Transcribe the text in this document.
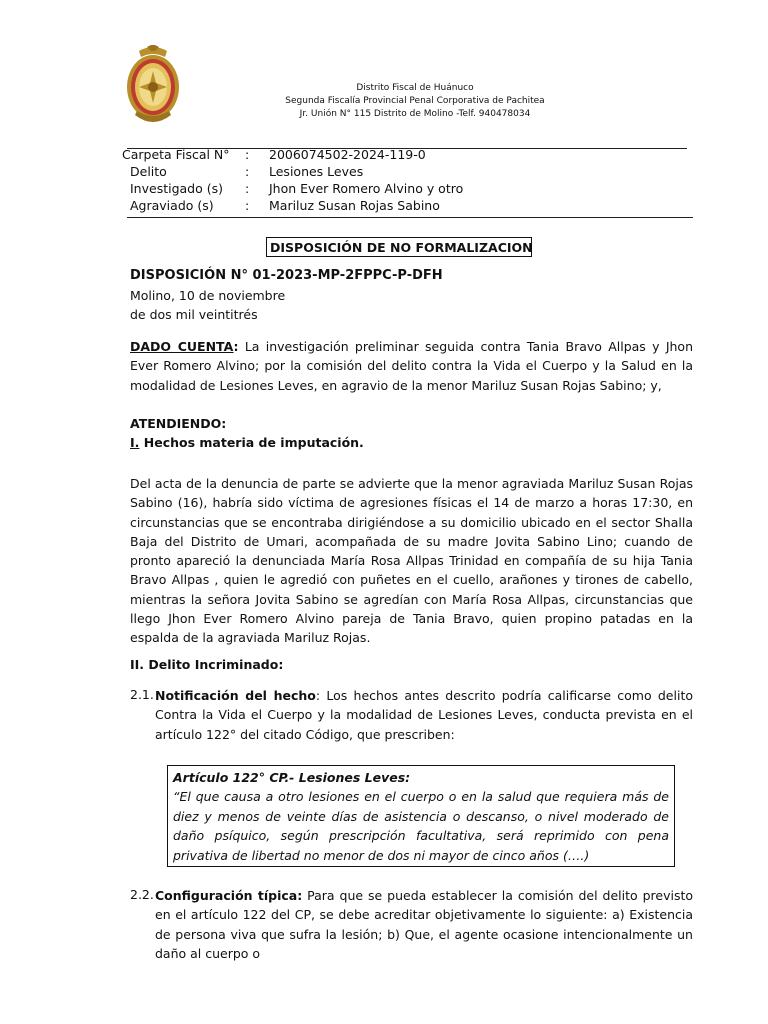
Distrito Fiscal de Huánuco
Segunda Fiscalía Provincial Penal Corporativa de Pachitea
Jr. Unión N° 115 Distrito de Molino -Telf. 940478034
Carpeta Fiscal N° : 2006074502-2024-119-0
Delito	: Lesiones Leves
Investigado (s) : Jhon Ever Romero Alvino y otro
Agraviado (s)	: Mariluz Susan Rojas Sabino
DISPOSICIÓN DE NO FORMALIZACION
DISPOSICIÓN N° 01-2023-MP-2FPPC-P-DFH
Molino, 10 de noviembre
de dos mil veintitrés
DADO CUENTA: La investigación preliminar seguida contra Tania Bravo Allpas y Jhon Ever Romero Alvino; por la comisión del delito contra la Vida el Cuerpo y la Salud en la modalidad de Lesiones Leves, en agravio de la menor Mariluz Susan Rojas Sabino; y,
ATENDIENDO:
I. Hechos materia de imputación.
Del acta de la denuncia de parte se advierte que la menor agraviada Mariluz Susan Rojas Sabino (16), habría sido víctima de agresiones físicas el 14 de marzo a horas 17:30, en circunstancias que se encontraba dirigiéndose a su domicilio ubicado en el sector Shalla Baja del Distrito de Umari, acompañada de su madre Jovita Sabino Lino; cuando de pronto apareció la denunciada María Rosa Allpas Trinidad en compañía de su hija Tania Bravo Allpas , quien le agredió con puñetes en el cuello, arañones y tirones de cabello, mientras la señora Jovita Sabino se agredían con María Rosa Allpas, circunstancias que llego Jhon Ever Romero Alvino pareja de Tania Bravo, quien propino patadas en la espalda de la agraviada Mariluz Rojas.
II. Delito Incriminado:
2.1. Notificación del hecho: Los hechos antes descrito podría calificarse como delito Contra la Vida el Cuerpo y la modalidad de Lesiones Leves, conducta prevista en el artículo 122° del citado Código, que prescriben:
Artículo 122° CP.- Lesiones Leves:
“El que causa a otro lesiones en el cuerpo o en la salud que requiera más de diez y menos de veinte días de asistencia o descanso, o nivel moderado de daño psíquico, según prescripción facultativa, será reprimido con pena privativa de libertad no menor de dos ni mayor de cinco años (….)
2.2. Configuración típica: Para que se pueda establecer la comisión del delito previsto en el artículo 122 del CP, se debe acreditar objetivamente lo siguiente: a) Existencia de persona viva que sufra la lesión; b) Que, el agente ocasione intencionalmente un daño al cuerpo o
